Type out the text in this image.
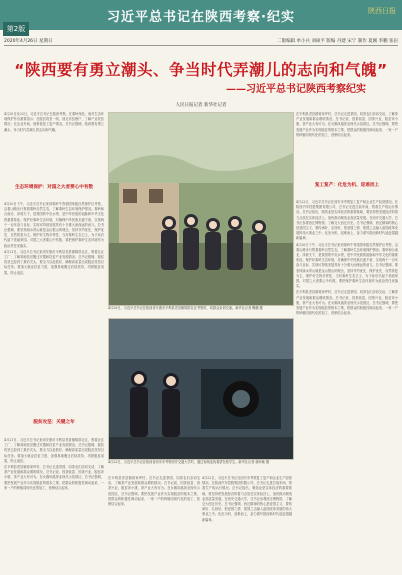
第2版
习近平总书记在陕西考察·纪实	陕西日报
2020年4月26日 星期日	二版编辑 单小兵 刘硕平 版编 丹建 宋宁 制作 夏刚 李鹏 张岩
“陕西要有勇立潮头、争当时代弄潮儿的志向和气魄”
——习近平总书记陕西考察纪实
人民日报记者 新华社记者

4月20日至23日，习近平总书记在陕西考察。在秦岭深处，他对生态环境保护作出重要指示；在脱贫攻坚一线，他走访贫困户，了解产业扶贫情况；在企业车间，他察看复工复产情况。总书记强调，陕西要有勇立潮头、争当时代弄潮儿的志向和气魄。

生态环境保护：对国之大者要心中有数

4月20日下午，习近平总书记来到秦岭牛背梁国家级自然保护区考察，沿着山路步行察看秦岭自然生态，了解秦岭生态环境保护情况。秦岭和合南北、泽被天下，是我国的中央水塔，是中华民族的祖脉和中华文化的重要象征。保护好秦岭生态环境，对确保中华民族长盛不衰、实现两个一百年奋斗目标、实现可持续发展具有十分重大而深远的意义。总书记强调，要坚持绿水青山就是金山银山的理念，坚持节约优先、保护优先、自然恢复为主，保护好生物多样性，当好秦岭生态卫士，为子孙后代留下美丽家园。对国之大者要心中有数，要把保护秦岭生态环境作为政治责任来落实。

4月21日，习近平总书记来到安康市平利县老县镇锦屏社区，察看社区工厂、了解易地扶贫搬迁安置和扶贫产业发展情况。总书记强调，脱贫攻坚已经到了最后关头，要全力以赴抓好，确保高质量完成脱贫攻坚目标任务。要加大就业扶贫力度，加强易地搬迁后续扶持，巩固脱贫成果，防止返贫。

脱贫攻坚：关键之年

4月21日，习近平总书记来到安康市平利县老县镇锦屏社区，察看社区工厂、了解易地扶贫搬迁安置和扶贫产业发展情况。总书记强调，脱贫攻坚已经到了最后关头，要全力以赴抓好，确保高质量完成脱贫攻坚目标任务。要加大就业扶贫力度，加强易地搬迁后续扶持，巩固脱贫成果，防止返贫。

在平利县老县镇蒋家坪村，总书记走进茶园，同茶农们亲切交谈，了解茶产业发展和群众增收情况。总书记说，因茶致富、因茶兴业，脱贫奔小康，茶产业大有可为。在女娲凤凰茶业现代示范园区，总书记强调，要把发展产业作为实现脱贫的根本之策，把群众的积极性调动起来，一家一户的种植同现代化的加工、营销结合起来。

4月20日，习近平总书记在陕西省安康市平利县老县镇锦屏社区考察时，同群众亲切交流。新华社记者 鞠鹏 摄

在平利县老县镇蒋家坪村，总书记走进茶园，同茶农们亲切交谈，了解茶产业发展和群众增收情况。总书记说，因茶致富、因茶兴业，脱贫奔小康，茶产业大有可为。在女娲凤凰茶业现代示范园区，总书记强调，要把发展产业作为实现脱贫的根本之策，把群众的积极性调动起来，一家一户的种植同现代化的加工、营销结合起来。

复工复产：化危为机、迎难而上

4月22日，习近平总书记在西安市考察复工复产和企业生产经营情况。在陕西汽车控股集团有限公司，总书记走进总装车间，察看生产线运行情况。总书记指出，制造业是实体经济的重要基础，要坚持把发展经济的着力点放在实体经济上，加快推动制造业高质量发展。在西安交通大学，总书记参观西迁博物馆，了解交大西迁历史。总书记强调，西迁精神的核心是爱国主义，要传承好、弘扬好，把爱国之情、报国之志融入祖国改革发展的伟大事业之中。化危为机、迎难而上，奋力谱写陕西新时代追赶超越新篇章。

4月20日下午，习近平总书记来到秦岭牛背梁国家级自然保护区考察，沿着山路步行察看秦岭自然生态，了解秦岭生态环境保护情况。秦岭和合南北、泽被天下，是我国的中央水塔，是中华民族的祖脉和中华文化的重要象征。保护好秦岭生态环境，对确保中华民族长盛不衰、实现两个一百年奋斗目标、实现可持续发展具有十分重大而深远的意义。总书记强调，要坚持绿水青山就是金山银山的理念，坚持节约优先、保护优先、自然恢复为主，保护好生物多样性，当好秦岭生态卫士，为子孙后代留下美丽家园。对国之大者要心中有数，要把保护秦岭生态环境作为政治责任来落实。

在平利县老县镇蒋家坪村，总书记走进茶园，同茶农们亲切交谈，了解茶产业发展和群众增收情况。总书记说，因茶致富、因茶兴业，脱贫奔小康，茶产业大有可为。在女娲凤凰茶业现代示范园区，总书记强调，要把发展产业作为实现脱贫的根本之策，把群众的积极性调动起来，一家一户的种植同现代化的加工、营销结合起来。

4月22日，习近平总书记在陕西省西安市考察西安交通大学时，通过视频连线看望在校学生。新华社记者 谢环驰 摄

在平利县老县镇蒋家坪村，总书记走进茶园，同茶农们亲切交谈，了解茶产业发展和群众增收情况。总书记说，因茶致富、因茶兴业，脱贫奔小康，茶产业大有可为。在女娲凤凰茶业现代示范园区，总书记强调，要把发展产业作为实现脱贫的根本之策，把群众的积极性调动起来，一家一户的种植同现代化的加工、营销结合起来。

4月22日，习近平总书记在西安市考察复工复产和企业生产经营情况。在陕西汽车控股集团有限公司，总书记走进总装车间，察看生产线运行情况。总书记指出，制造业是实体经济的重要基础，要坚持把发展经济的着力点放在实体经济上，加快推动制造业高质量发展。在西安交通大学，总书记参观西迁博物馆，了解交大西迁历史。总书记强调，西迁精神的核心是爱国主义，要传承好、弘扬好，把爱国之情、报国之志融入祖国改革发展的伟大事业之中。化危为机、迎难而上，奋力谱写陕西新时代追赶超越新篇章。
